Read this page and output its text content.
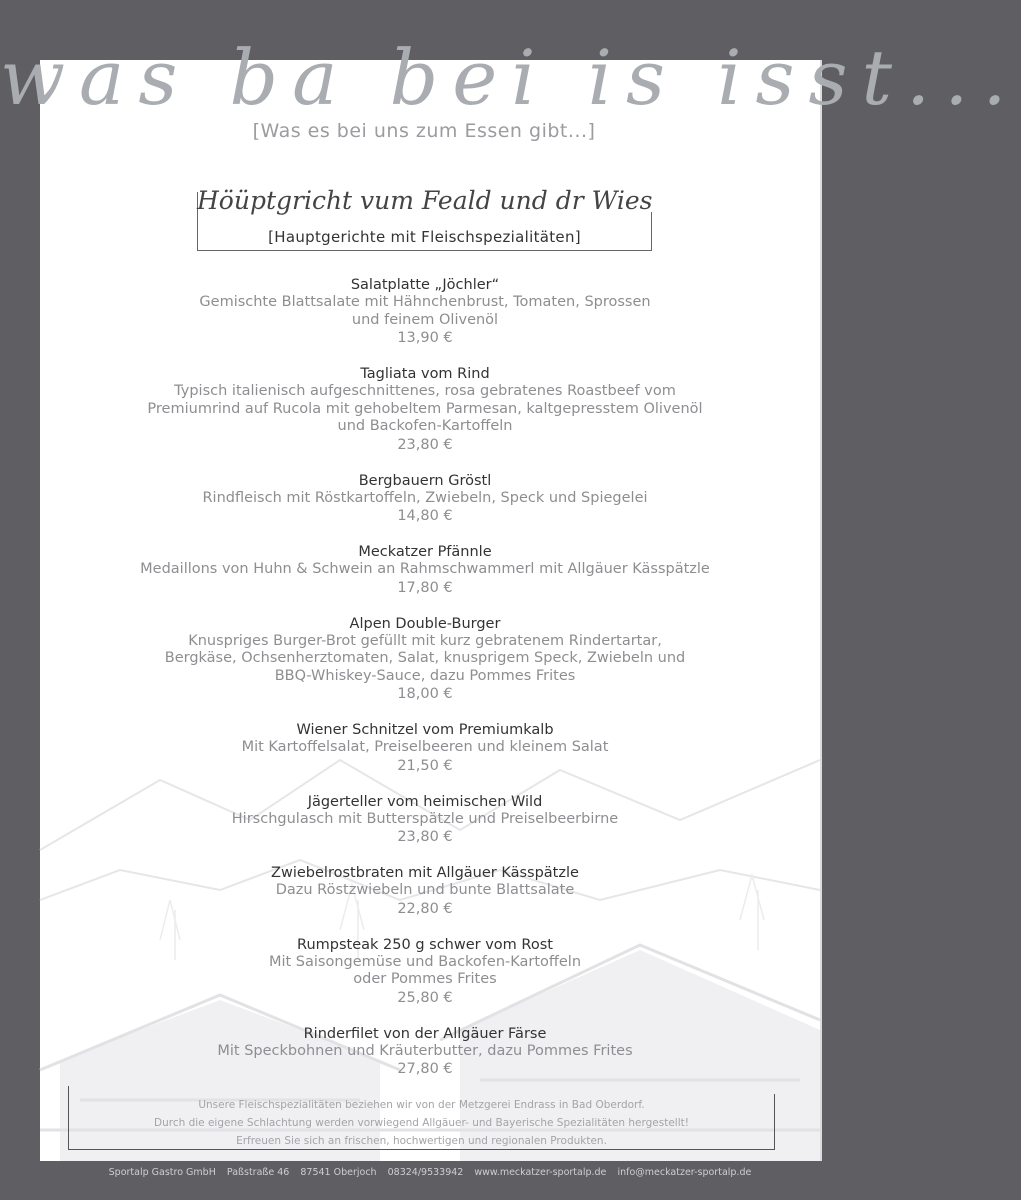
was ba bei is isst...
[Was es bei uns zum Essen gibt...]
Höüptgricht vum Feald und dr Wies
[Hauptgerichte mit Fleischspezialitäten]
Salatplatte „Jöchler“
Gemischte Blattsalate mit Hähnchenbrust, Tomaten, Sprossen
und feinem Olivenöl
13,90 €
Tagliata vom Rind
Typisch italienisch aufgeschnittenes, rosa gebratenes Roastbeef vom
Premiumrind auf Rucola mit gehobeltem Parmesan, kaltgepresstem Olivenöl
und Backofen-Kartoffeln
23,80 €
Bergbauern Gröstl
Rindfleisch mit Röstkartoffeln, Zwiebeln, Speck und Spiegelei
14,80 €
Meckatzer Pfännle
Medaillons von Huhn & Schwein an Rahmschwammerl mit Allgäuer Kässpätzle
17,80 €
Alpen Double-Burger
Knuspriges Burger-Brot gefüllt mit kurz gebratenem Rindertartar,
Bergkäse, Ochsenherztomaten, Salat, knusprigem Speck, Zwiebeln und
BBQ-Whiskey-Sauce, dazu Pommes Frites
18,00 €
Wiener Schnitzel vom Premiumkalb
Mit Kartoffelsalat, Preiselbeeren und kleinem Salat
21,50 €
Jägerteller vom heimischen Wild
Hirschgulasch mit Butterspätzle und Preiselbeerbirne
23,80 €
Zwiebelrostbraten mit Allgäuer Kässpätzle
Dazu Röstzwiebeln und bunte Blattsalate
22,80 €
Rumpsteak 250 g schwer vom Rost
Mit Saisongemüse und Backofen-Kartoffeln
oder Pommes Frites
25,80 €
Rinderfilet von der Allgäuer Färse
Mit Speckbohnen und Kräuterbutter, dazu Pommes Frites
27,80 €
Unsere Fleischspezialitäten beziehen wir von der Metzgerei Endrass in Bad Oberdorf.
Durch die eigene Schlachtung werden vorwiegend Allgäuer- und Bayerische Spezialitäten hergestellt!
Erfreuen Sie sich an frischen, hochwertigen und regionalen Produkten.
Sportalp Gastro GmbH Paßstraße 46 87541 Oberjoch 08324/9533942 www.meckatzer-sportalp.de info@meckatzer-sportalp.de
